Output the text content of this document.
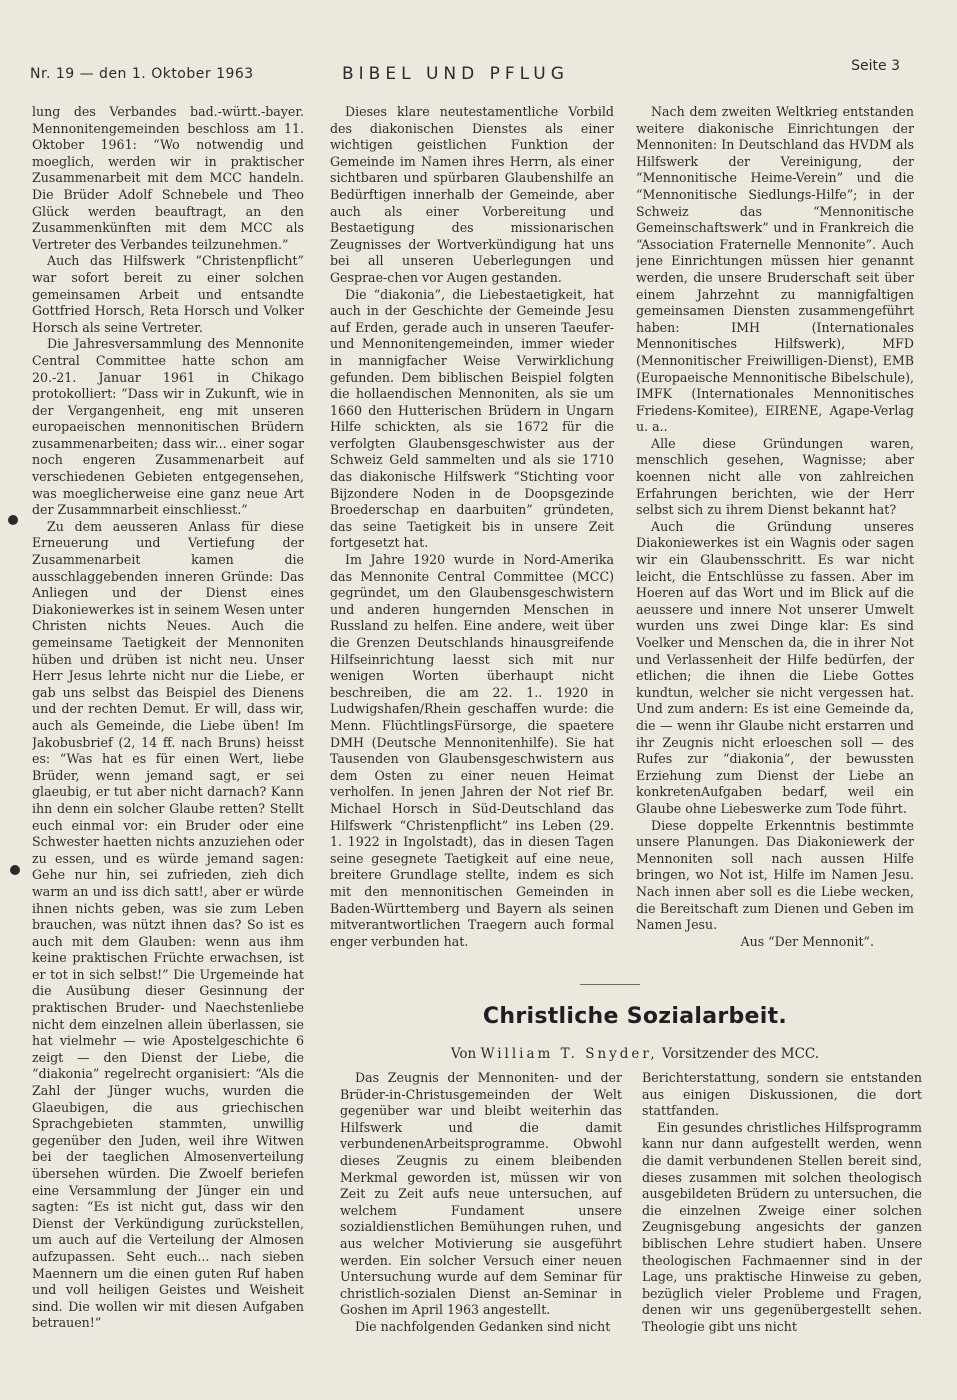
Nr. 19 — den 1. Oktober 1963	BIBEL UND PFLUG	Seite 3

lung des Verbandes bad.-württ.-bayer. Mennonitengemeinden beschloss am 11. Oktober 1961: “Wo notwendig und moeglich, werden wir in praktischer Zusammenarbeit mit dem MCC handeln. Die Brüder Adolf Schnebele und Theo Glück werden beauftragt, an den Zusammenkünften mit dem MCC als Vertreter des Verbandes teilzunehmen.”

Auch das Hilfswerk “Christenpflicht” war sofort bereit zu einer solchen gemeinsamen Arbeit und entsandte Gottfried Horsch, Reta Horsch und Volker Horsch als seine Vertreter.

Die Jahresversammlung des Mennonite Central Committee hatte schon am 20.-21. Januar 1961 in Chikago protokolliert: “Dass wir in Zukunft, wie in der Vergangenheit, eng mit unseren europaeischen mennonitischen Brüdern zusammenarbeiten; dass wir... einer sogar noch engeren Zusammenarbeit auf verschiedenen Gebieten entgegensehen, was moeglicherweise eine ganz neue Art der Zusammnarbeit einschliesst.”

Zu dem aeusseren Anlass für diese Erneuerung und Vertiefung der Zusammenarbeit kamen die ausschlaggebenden inneren Gründe: Das Anliegen und der Dienst eines Diakoniewerkes ist in seinem Wesen unter Christen nichts Neues. Auch die gemeinsame Taetigkeit der Mennoniten hüben und drüben ist nicht neu. Unser Herr Jesus lehrte nicht nur die Liebe, er gab uns selbst das Beispiel des Dienens und der rechten Demut. Er will, dass wir, auch als Gemeinde, die Liebe üben! Im Jakobusbrief (2, 14 ff. nach Bruns) heisst es: “Was hat es für einen Wert, liebe Brüder, wenn jemand sagt, er sei glaeubig, er tut aber nicht darnach? Kann ihn denn ein solcher Glaube retten? Stellt euch einmal vor: ein Bruder oder eine Schwester haetten nichts anzuziehen oder zu essen, und es würde jemand sagen: Gehe nur hin, sei zufrieden, zieh dich warm an und iss dich satt!, aber er würde ihnen nichts geben, was sie zum Leben brauchen, was nützt ihnen das? So ist es auch mit dem Glauben: wenn aus ihm keine praktischen Früchte erwachsen, ist er tot in sich selbst!” Die Urgemeinde hat die Ausübung dieser Gesinnung der praktischen Bruder- und Naechstenliebe nicht dem einzelnen allein überlassen, sie hat vielmehr — wie Apostelgeschichte 6 zeigt — den Dienst der Liebe, die “diakonia” regelrecht organisiert: “Als die Zahl der Jünger wuchs, wurden die Glaeubigen, die aus griechischen Sprachgebieten stammten, unwillig gegenüber den Juden, weil ihre Witwen bei der taeglichen Almosenverteilung übersehen würden. Die Zwoelf beriefen eine Versammlung der Jünger ein und sagten: “Es ist nicht gut, dass wir den Dienst der Verkündigung zurückstellen, um auch auf die Verteilung der Almosen aufzupassen. Seht euch... nach sieben Maennern um die einen guten Ruf haben und voll heiligen Geistes und Weisheit sind. Die wollen wir mit diesen Aufgaben betrauen!”

Dieses klare neutestamentliche Vorbild des diakonischen Dienstes als einer wichtigen geistlichen Funktion der Gemeinde im Namen ihres Herrn, als einer sichtbaren und spürbaren Glaubenshilfe an Bedürftigen innerhalb der Gemeinde, aber auch als einer Vorbereitung und Bestaetigung des missionarischen Zeugnisses der Wortverkündigung hat uns bei all unseren Ueberlegungen und Gesprae-chen vor Augen gestanden.

Die “diakonia”, die Liebestaetigkeit, hat auch in der Geschichte der Gemeinde Jesu auf Erden, gerade auch in unseren Taeufer- und Mennonitengemeinden, immer wieder in mannigfacher Weise Verwirklichung gefunden. Dem biblischen Beispiel folgten die hollaendischen Mennoniten, als sie um 1660 den Hutterischen Brüdern in Ungarn Hilfe schickten, als sie 1672 für die verfolgten Glaubensgeschwister aus der Schweiz Geld sammelten und als sie 1710 das diakonische Hilfswerk “Stichting voor Bijzondere Noden in de Doopsgezinde Broederschap en daarbuiten” gründeten, das seine Taetigkeit bis in unsere Zeit fortgesetzt hat.

Im Jahre 1920 wurde in Nord-Amerika das Mennonite Central Committee (MCC) gegründet, um den Glaubensgeschwistern und anderen hungernden Menschen in Russland zu helfen. Eine andere, weit über die Grenzen Deutschlands hinausgreifende Hilfseinrichtung laesst sich mit nur wenigen Worten überhaupt nicht beschreiben, die am 22. 1.. 1920 in Ludwigshafen/Rhein geschaffen wurde: die Menn. FlüchtlingsFürsorge, die spaetere DMH (Deutsche Mennonitenhilfe). Sie hat Tausenden von Glaubensgeschwistern aus dem Osten zu einer neuen Heimat verholfen. In jenen Jahren der Not rief Br. Michael Horsch in Süd-Deutschland das Hilfswerk “Christenpflicht” ins Leben (29. 1. 1922 in Ingolstadt), das in diesen Tagen seine gesegnete Taetigkeit auf eine neue, breitere Grundlage stellte, indem es sich mit den mennonitischen Gemeinden in Baden-Württemberg und Bayern als seinen mitverantwortlichen Traegern auch formal enger verbunden hat.

Nach dem zweiten Weltkrieg entstanden weitere diakonische Einrichtungen der Mennoniten: In Deutschland das HVDM als Hilfswerk der Vereinigung, der “Mennonitische Heime-Verein” und die “Mennonitische Siedlungs-Hilfe”; in der Schweiz das “Mennonitische Gemeinschaftswerk” und in Frankreich die “Association Fraternelle Mennonite”. Auch jene Einrichtungen müssen hier genannt werden, die unsere Bruderschaft seit über einem Jahrzehnt zu mannigfaltigen gemeinsamen Diensten zusammengeführt haben: IMH (Internationales Mennonitisches Hilfswerk), MFD (Mennonitischer Freiwilligen-Dienst), EMB (Europaeische Mennonitische Bibelschule), IMFK (Internationales Mennonitisches Friedens-Komitee), EIRENE, Agape-Verlag u. a..

Alle diese Gründungen waren, menschlich gesehen, Wagnisse; aber koennen nicht alle von zahlreichen Erfahrungen berichten, wie der Herr selbst sich zu ihrem Dienst bekannt hat?

Auch die Gründung unseres Diakoniewerkes ist ein Wagnis oder sagen wir ein Glaubensschritt. Es war nicht leicht, die Entschlüsse zu fassen. Aber im Hoeren auf das Wort und im Blick auf die aeussere und innere Not unserer Umwelt wurden uns zwei Dinge klar: Es sind Voelker und Menschen da, die in ihrer Not und Verlassenheit der Hilfe bedürfen, der etlichen; die ihnen die Liebe Gottes kundtun, welcher sie nicht vergessen hat. Und zum andern: Es ist eine Gemeinde da, die — wenn ihr Glaube nicht erstarren und ihr Zeugnis nicht erloeschen soll — des Rufes zur “diakonia”, der bewussten Erziehung zum Dienst der Liebe an konkretenAufgaben bedarf, weil ein Glaube ohne Liebeswerke zum Tode führt.

Diese doppelte Erkenntnis bestimmte unsere Planungen. Das Diakoniewerk der Mennoniten soll nach aussen Hilfe bringen, wo Not ist, Hilfe im Namen Jesu. Nach innen aber soll es die Liebe wecken, die Bereitschaft zum Dienen und Geben im Namen Jesu.

Aus “Der Mennonit”.

Christliche Sozialarbeit.
Von William T. Snyder, Vorsitzender des MCC.

Das Zeugnis der Mennoniten- und der Brüder-in-Christusgemeinden der Welt gegenüber war und bleibt weiterhin das Hilfswerk und die damit verbundenenArbeitsprogramme. Obwohl dieses Zeugnis zu einem bleibenden Merkmal geworden ist, müssen wir von Zeit zu Zeit aufs neue untersuchen, auf welchem Fundament unsere sozialdienstlichen Bemühungen ruhen, und aus welcher Motivierung sie ausgeführt werden. Ein solcher Versuch einer neuen Untersuchung wurde auf dem Seminar für christlich-sozialen Dienst an-Seminar in Goshen im April 1963 angestellt.

Die nachfolgenden Gedanken sind nicht

Berichterstattung, sondern sie entstanden aus einigen Diskussionen, die dort stattfanden.

Ein gesundes christliches Hilfsprogramm kann nur dann aufgestellt werden, wenn die damit verbundenen Stellen bereit sind, dieses zusammen mit solchen theologisch ausgebildeten Brüdern zu untersuchen, die die einzelnen Zweige einer solchen Zeugnisgebung angesichts der ganzen biblischen Lehre studiert haben. Unsere theologischen Fachmaenner sind in der Lage, uns praktische Hinweise zu geben, bezüglich vieler Probleme und Fragen, denen wir uns gegenübergestellt sehen. Theologie gibt uns nicht
